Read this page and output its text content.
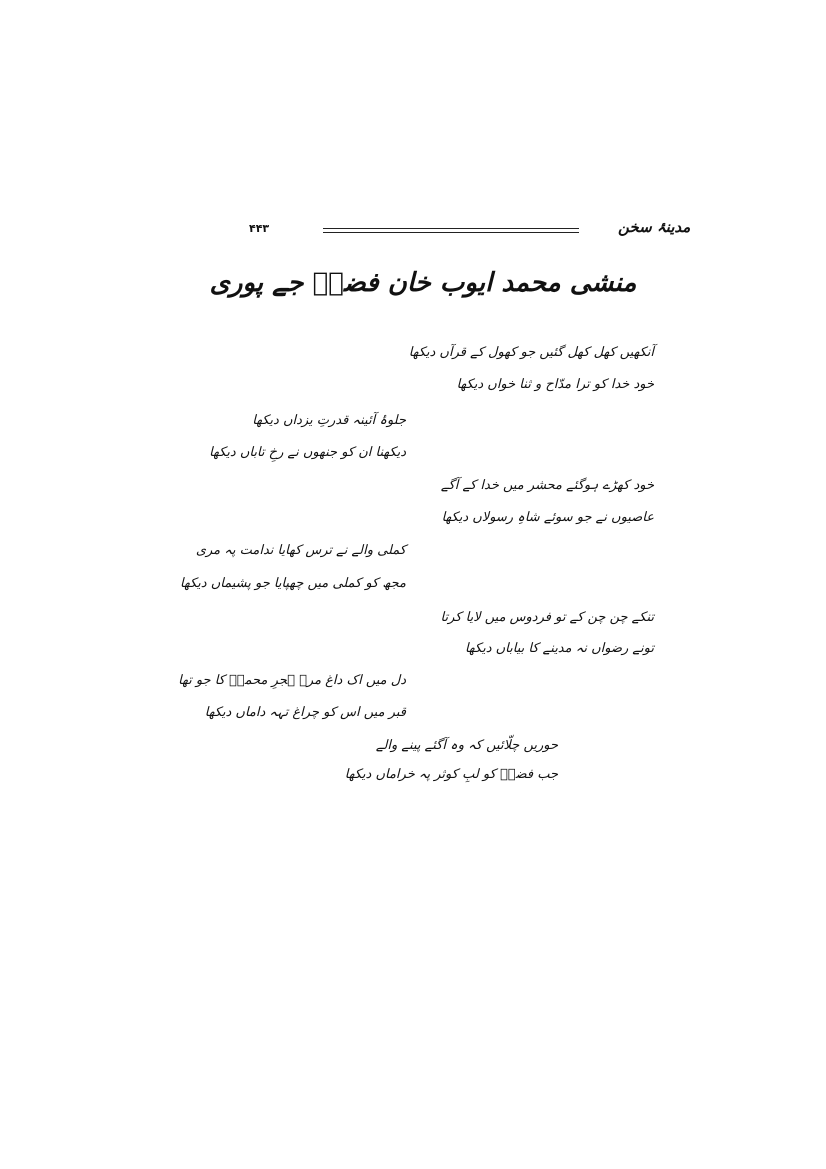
۴۴۳	مدینۂ سخن
منشی محمد ایوب خان فضاؔ جے پوری
آنکھیں کھل کھل گئیں جو کھول کے قرآں دیکھا
خود خدا کو ترا مدّاح و ثنا خواں دیکھا
جلوۂ آئینہ قدرتِ یزداں دیکھا
دیکھنا ان کو جنھوں نے رخِ تاباں دیکھا
خود کھڑے ہوگئے محشر میں خدا کے آگے
عاصیوں نے جو سوئے شاہِ رسولاں دیکھا
کملی والے نے ترس کھایا ندامت پہ مری
مجھ کو کملی میں چھپایا جو پشیماں دیکھا
تنکے چن چن کے تو فردوس میں لایا کرتا
تونے رضواں نہ مدینے کا بیاباں دیکھا
دل میں اک داغ مرے ہجرِ محمدؐ کا جو تھا
قبر میں اس کو چراغ تہہ داماں دیکھا
حوریں چلّائیں کہ وہ آگئے پینے والے
جب فضاؔ کو لبِ کوثر پہ خراماں دیکھا
